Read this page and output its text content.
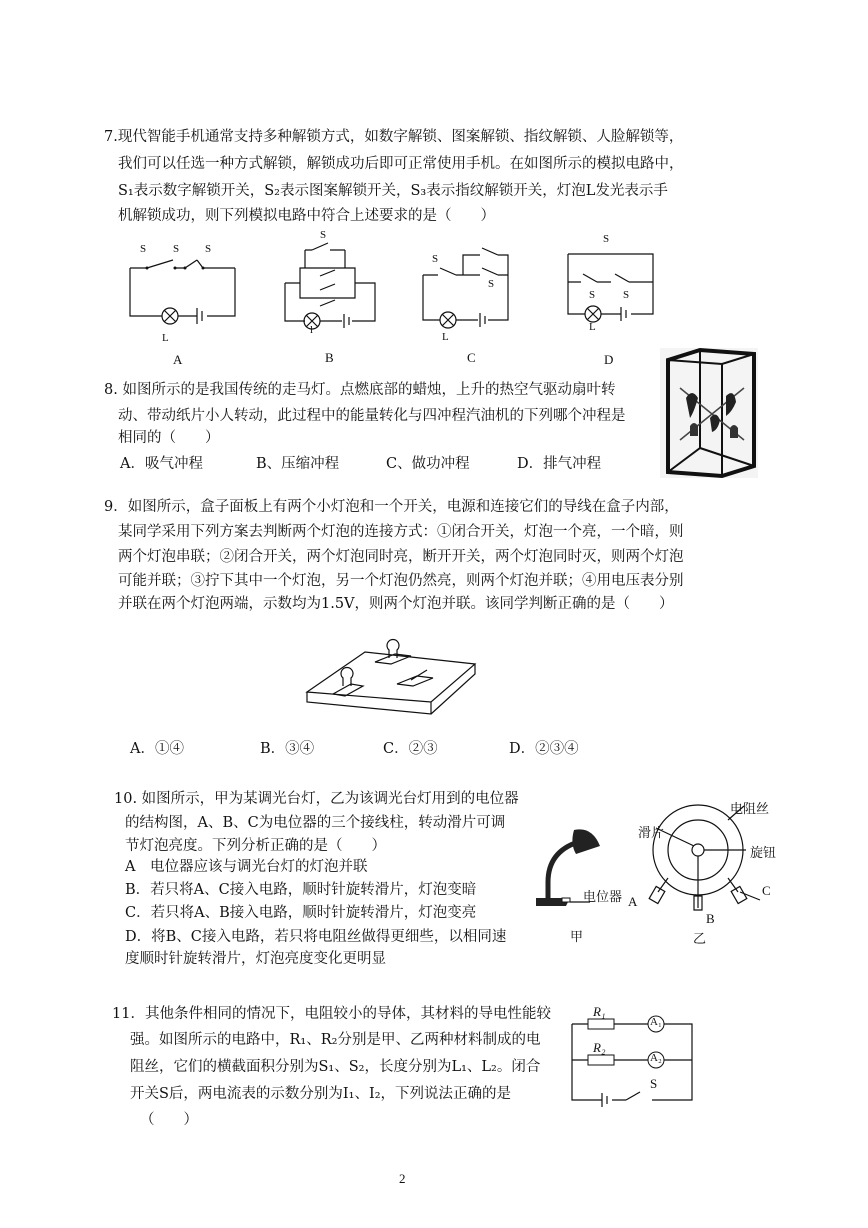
7.现代智能手机通常支持多种解锁方式，如数字解锁、图案解锁、指纹解锁、人脸解锁等，
我们可以任选一种方式解锁，解锁成功后即可正常使用手机。在如图所示的模拟电路中，
S₁表示数字解锁开关，S₂表示图案解锁开关，S₃表示指纹解锁开关，灯泡L发光表示手
机解锁成功，则下列模拟电路中符合上述要求的是（　　）
S S S
L
A
S
l
B
S
S
L
C
S
S	S
L
D
8. 如图所示的是我国传统的走马灯。点燃底部的蜡烛，上升的热空气驱动扇叶转
动、带动纸片小人转动，此过程中的能量转化与四冲程汽油机的下列哪个冲程是
相同的（　　）
A．吸气冲程	B、压缩冲程	C、做功冲程	D．排气冲程
9．如图所示，盒子面板上有两个小灯泡和一个开关，电源和连接它们的导线在盒子内部，
某同学采用下列方案去判断两个灯泡的连接方式：①闭合开关，灯泡一个亮，一个暗，则
两个灯泡串联；②闭合开关，两个灯泡同时亮，断开开关，两个灯泡同时灭，则两个灯泡
可能并联；③拧下其中一个灯泡，另一个灯泡仍然亮，则两个灯泡并联；④用电压表分别
并联在两个灯泡两端，示数均为1.5V，则两个灯泡并联。该同学判断正确的是（　　）
A．①④	B．③④	C．②③	D．②③④
10. 如图所示，甲为某调光台灯，乙为该调光台灯用到的电位器
的结构图，A、B、C为电位器的三个接线柱，转动滑片可调
节灯泡亮度。下列分析正确的是（　　）
A　电位器应该与调光台灯的灯泡并联
B．若只将A、C接入电路，顺时针旋转滑片，灯泡变暗
C．若只将A、B接入电路，顺时针旋转滑片，灯泡变亮
D．将B、C接入电路，若只将电阻丝做得更细些，以相同速
度顺时针旋转滑片，灯泡亮度变化更明显
电位器
甲
电阻丝
滑片
旋钮
A
B
C
乙
11．其他条件相同的情况下，电阻较小的导体，其材料的导电性能较
强。如图所示的电路中，R₁、R₂分别是甲、乙两种材料制成的电
阻丝，它们的横截面积分别为S₁、S₂，长度分别为L₁、L₂。闭合
开关S后，两电流表的示数分别为I₁、I₂，下列说法正确的是
（　　）
R₁
R₂
A₁
A₂
S
2
